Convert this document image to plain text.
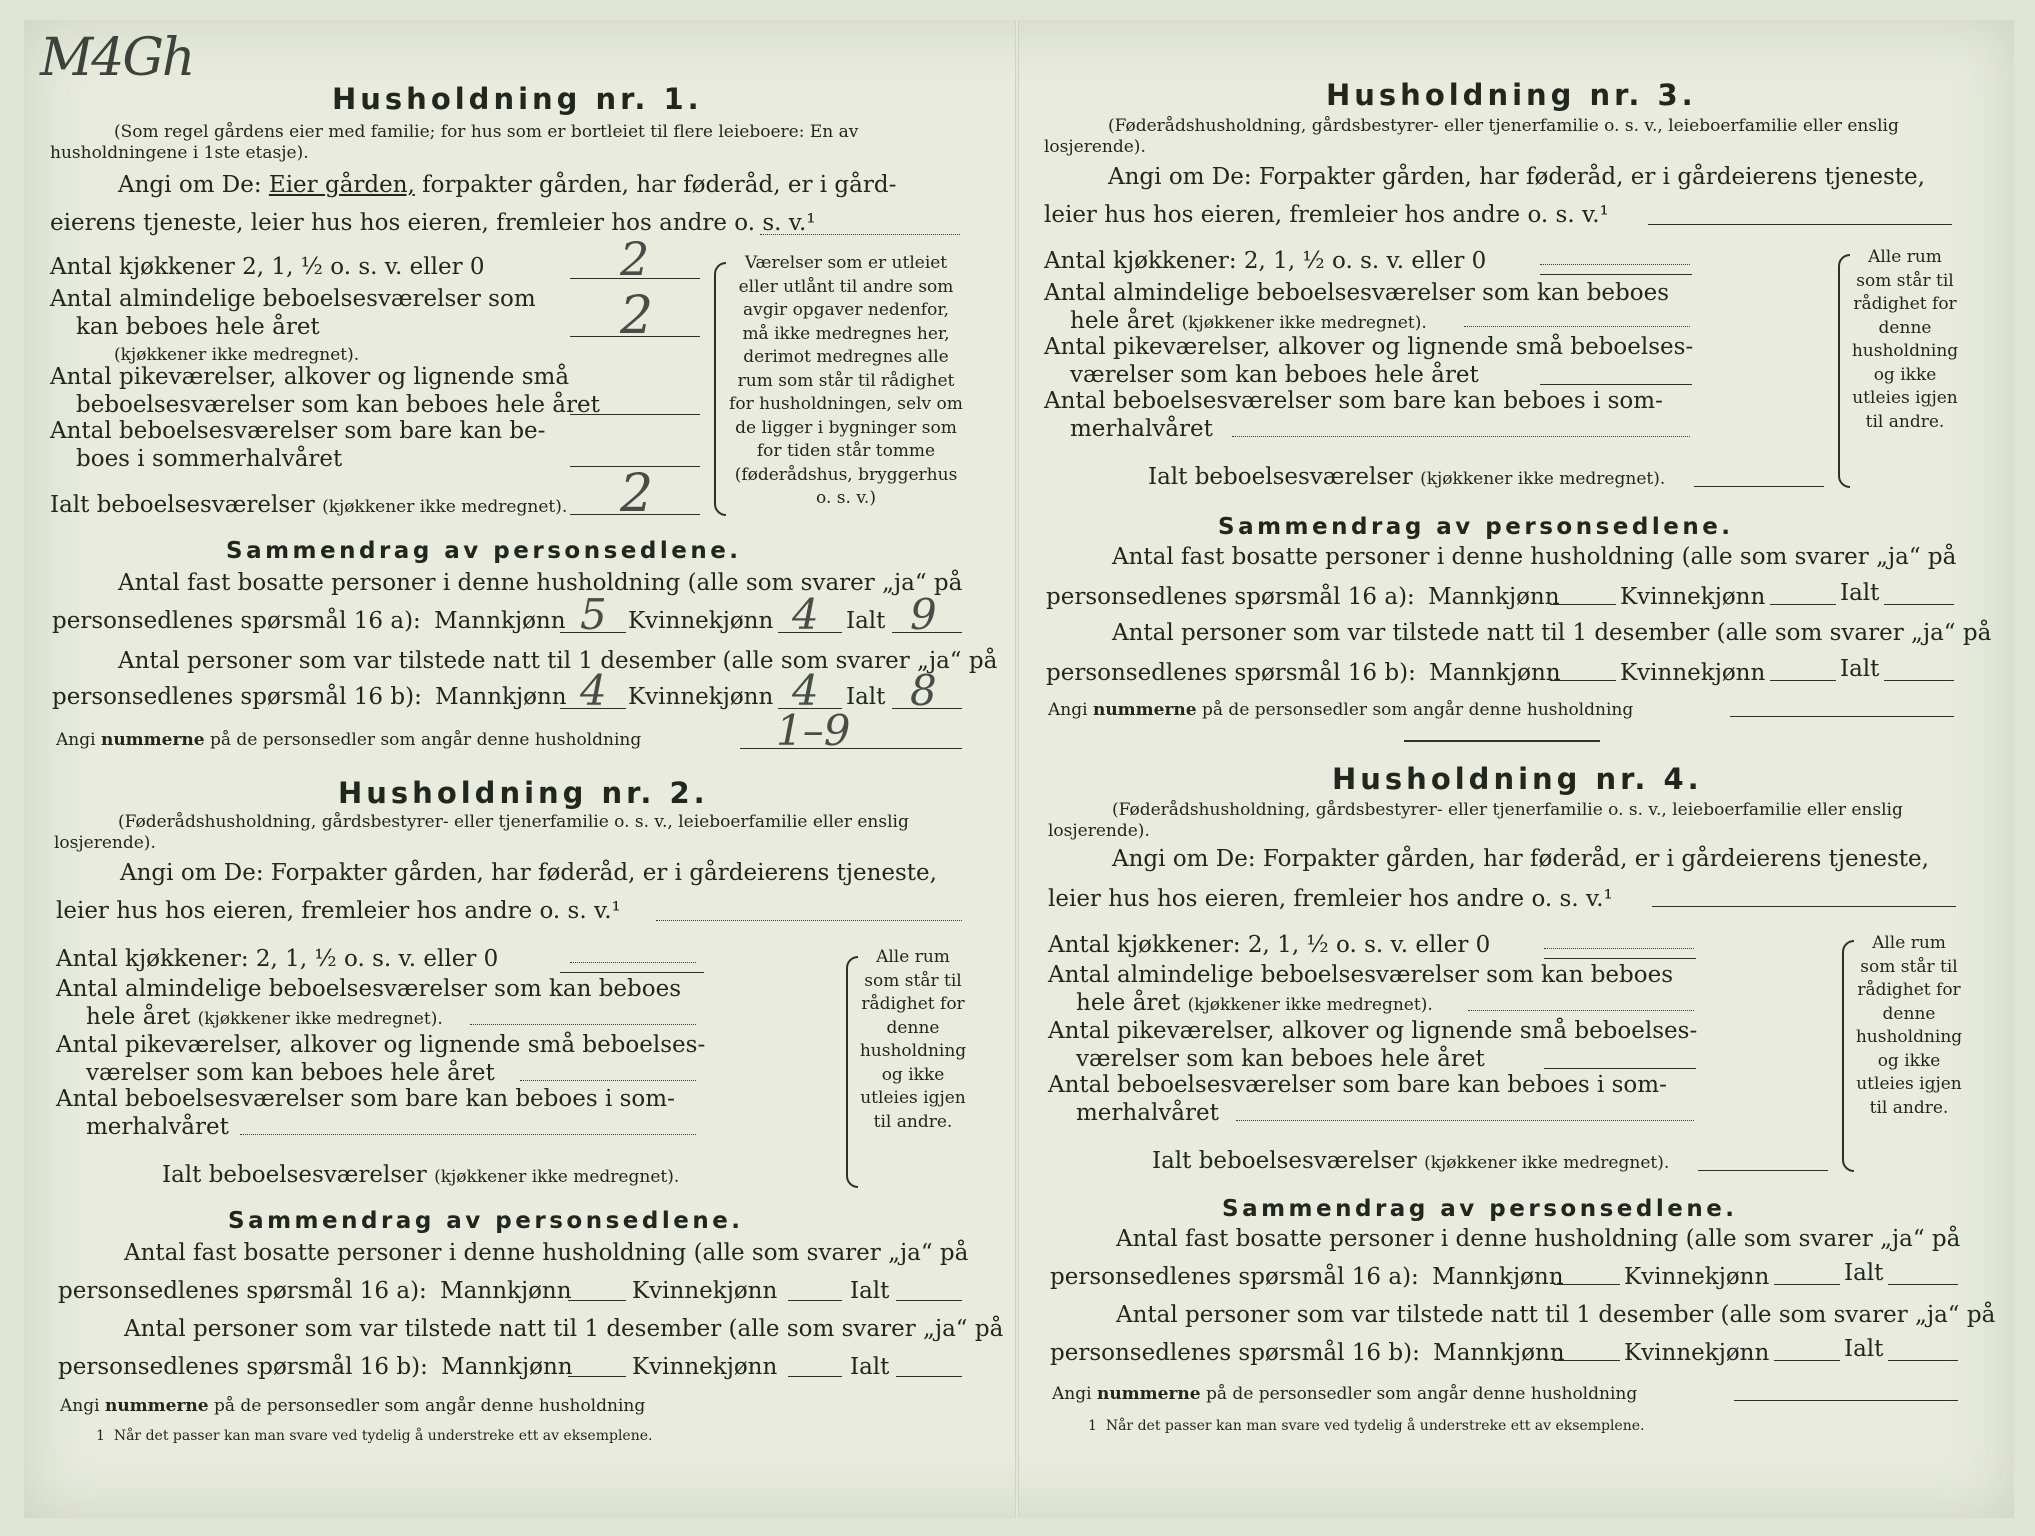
M4Gh
Husholdning nr. 1.
(Som regel gårdens eier med familie; for hus som er bortleiet til flere leieboere: En av husholdningene i 1ste etasje).
Angi om De: Eier gården, forpakter gården, har føderåd, er i gård-
eierens tjeneste, leier hus hos eieren, fremleier hos andre o. s. v.¹
Antal kjøkkener 2, 1, ½ o. s. v. eller 0	2
Antal almindelige beboelsesværelser som
kan beboes hele året	2
(kjøkkener ikke medregnet).
Antal pikeværelser, alkover og lignende små
beboelsesværelser som kan beboes hele året
Antal beboelsesværelser som bare kan be-
boes i sommerhalvåret
Ialt beboelsesværelser (kjøkkener ikke medregnet). 2
Værelser som er utleiet eller utlånt til andre som avgir opgaver nedenfor, må ikke medregnes her, derimot medregnes alle rum som står til rådighet for husholdningen, selv om de ligger i bygninger som for tiden står tomme (føderådshus, bryggerhus o. s. v.)
Sammendrag av personsedlene.
Antal fast bosatte personer i denne husholdning (alle som svarer „ja“ på
personsedlenes spørsmål 16 a): Mannkjønn 5 Kvinnekjønn 4 Ialt 9
Antal personer som var tilstede natt til 1 desember (alle som svarer „ja“ på
personsedlenes spørsmål 16 b): Mannkjønn 4 Kvinnekjønn 4 Ialt 8
Angi nummerne på de personsedler som angår denne husholdning	1–9
Husholdning nr. 2.
(Føderådshusholdning, gårdsbestyrer- eller tjenerfamilie o. s. v., leieboerfamilie eller enslig losjerende).
Angi om De: Forpakter gården, har føderåd, er i gårdeierens tjeneste,
leier hus hos eieren, fremleier hos andre o. s. v.¹
Antal kjøkkener: 2, 1, ½ o. s. v. eller 0
Antal almindelige beboelsesværelser som kan beboes
hele året (kjøkkener ikke medregnet).
Antal pikeværelser, alkover og lignende små beboelses-
værelser som kan beboes hele året
Antal beboelsesværelser som bare kan beboes i som-
merhalvåret
Ialt beboelsesværelser (kjøkkener ikke medregnet).
Alle rum som står til rådighet for denne husholdning og ikke utleies igjen til andre.
Sammendrag av personsedlene.
Antal fast bosatte personer i denne husholdning (alle som svarer „ja“ på
personsedlenes spørsmål 16 a): Mannkjønn	Kvinnekjønn	Ialt
Antal personer som var tilstede natt til 1 desember (alle som svarer „ja“ på
personsedlenes spørsmål 16 b): Mannkjønn	Kvinnekjønn	Ialt
Angi nummerne på de personsedler som angår denne husholdning
1 Når det passer kan man svare ved tydelig å understreke ett av eksemplene.
Husholdning nr. 3.
(Føderådshusholdning, gårdsbestyrer- eller tjenerfamilie o. s. v., leieboerfamilie eller enslig losjerende).
Angi om De: Forpakter gården, har føderåd, er i gårdeierens tjeneste,
leier hus hos eieren, fremleier hos andre o. s. v.¹
Antal kjøkkener: 2, 1, ½ o. s. v. eller 0
Antal almindelige beboelsesværelser som kan beboes
hele året (kjøkkener ikke medregnet).
Antal pikeværelser, alkover og lignende små beboelses-
værelser som kan beboes hele året
Antal beboelsesværelser som bare kan beboes i som-
merhalvåret
Ialt beboelsesværelser (kjøkkener ikke medregnet).
Alle rum som står til rådighet for denne husholdning og ikke utleies igjen til andre.
Sammendrag av personsedlene.
Antal fast bosatte personer i denne husholdning (alle som svarer „ja“ på
personsedlenes spørsmål 16 a): Mannkjønn	Kvinnekjønn	Ialt
Antal personer som var tilstede natt til 1 desember (alle som svarer „ja“ på
personsedlenes spørsmål 16 b): Mannkjønn	Kvinnekjønn	Ialt
Angi nummerne på de personsedler som angår denne husholdning
Husholdning nr. 4.
(Føderådshusholdning, gårdsbestyrer- eller tjenerfamilie o. s. v., leieboerfamilie eller enslig losjerende).
Angi om De: Forpakter gården, har føderåd, er i gårdeierens tjeneste,
leier hus hos eieren, fremleier hos andre o. s. v.¹
Antal kjøkkener: 2, 1, ½ o. s. v. eller 0
Antal almindelige beboelsesværelser som kan beboes
hele året (kjøkkener ikke medregnet).
Antal pikeværelser, alkover og lignende små beboelses-
værelser som kan beboes hele året
Antal beboelsesværelser som bare kan beboes i som-
merhalvåret
Ialt beboelsesværelser (kjøkkener ikke medregnet).
Alle rum som står til rådighet for denne husholdning og ikke utleies igjen til andre.
Sammendrag av personsedlene.
Antal fast bosatte personer i denne husholdning (alle som svarer „ja“ på
personsedlenes spørsmål 16 a): Mannkjønn	Kvinnekjønn	Ialt
Antal personer som var tilstede natt til 1 desember (alle som svarer „ja“ på
personsedlenes spørsmål 16 b): Mannkjønn	Kvinnekjønn	Ialt
Angi nummerne på de personsedler som angår denne husholdning
1 Når det passer kan man svare ved tydelig å understreke ett av eksemplene.
